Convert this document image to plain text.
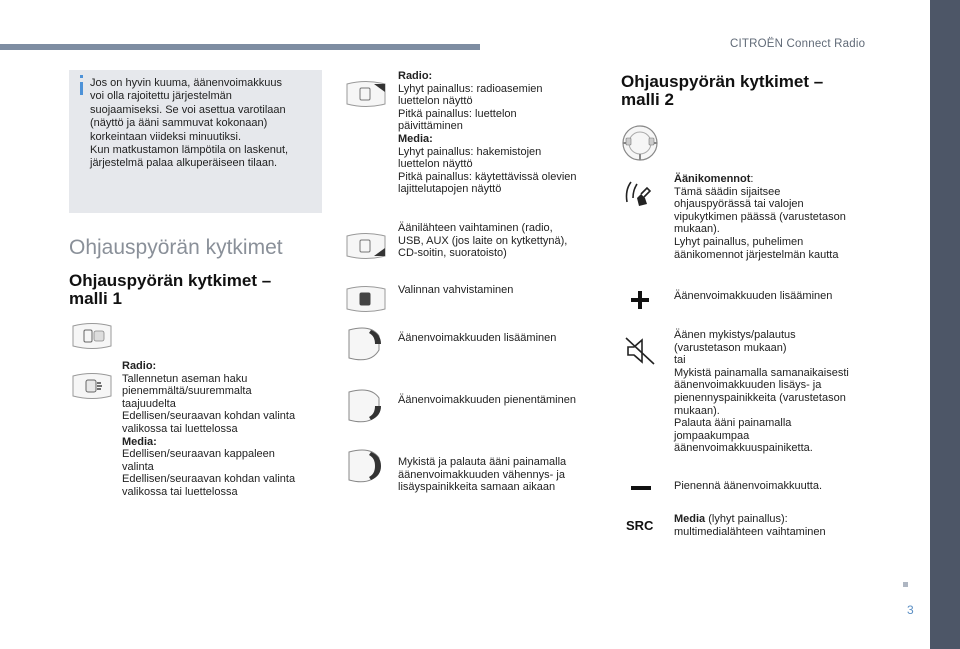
CITROËN Connect Radio
3
Jos on hyvin kuuma, äänenvoimakkuus
voi olla rajoitettu järjestelmän
suojaamiseksi. Se voi asettua varotilaan
(näyttö ja ääni sammuvat kokonaan)
korkeintaan viideksi minuutiksi.
Kun matkustamon lämpötila on laskenut,
järjestelmä palaa alkuperäiseen tilaan.
Ohjauspyörän kytkimet
Ohjauspyörän kytkimet –
malli 1
Radio:
Tallennetun aseman haku
pienemmältä/suuremmalta
taajuudelta
Edellisen/seuraavan kohdan valinta
valikossa tai luettelossa
Media:
Edellisen/seuraavan kappaleen
valinta
Edellisen/seuraavan kohdan valinta
valikossa tai luettelossa
Radio:
Lyhyt painallus: radioasemien
luettelon näyttö
Pitkä painallus: luettelon
päivittäminen
Media:
Lyhyt painallus: hakemistojen
luettelon näyttö
Pitkä painallus: käytettävissä olevien
lajittelutapojen näyttö
Äänilähteen vaihtaminen (radio,
USB, AUX (jos laite on kytkettynä),
CD-soitin, suoratoisto)
Valinnan vahvistaminen
Äänenvoimakkuuden lisääminen
Äänenvoimakkuuden pienentäminen
Mykistä ja palauta ääni painamalla
äänenvoimakkuuden vähennys- ja
lisäyspainikkeita samaan aikaan
Ohjauspyörän kytkimet –
malli 2
Äänikomennot:
Tämä säädin sijaitsee
ohjauspyörässä tai valojen
vipukytkimen päässä (varustetason
mukaan).
Lyhyt painallus, puhelimen
äänikomennot järjestelmän kautta
Äänenvoimakkuuden lisääminen
Äänen mykistys/palautus
(varustetason mukaan)
tai
Mykistä painamalla samanaikaisesti
äänenvoimakkuuden lisäys- ja
pienennyspainikkeita (varustetason
mukaan).
Palauta ääni painamalla
jompaakumpaa
äänenvoimakkuuspainiketta.
Pienennä äänenvoimakkuutta.
SRC Media (lyhyt painallus):
multimedialähteen vaihtaminen
